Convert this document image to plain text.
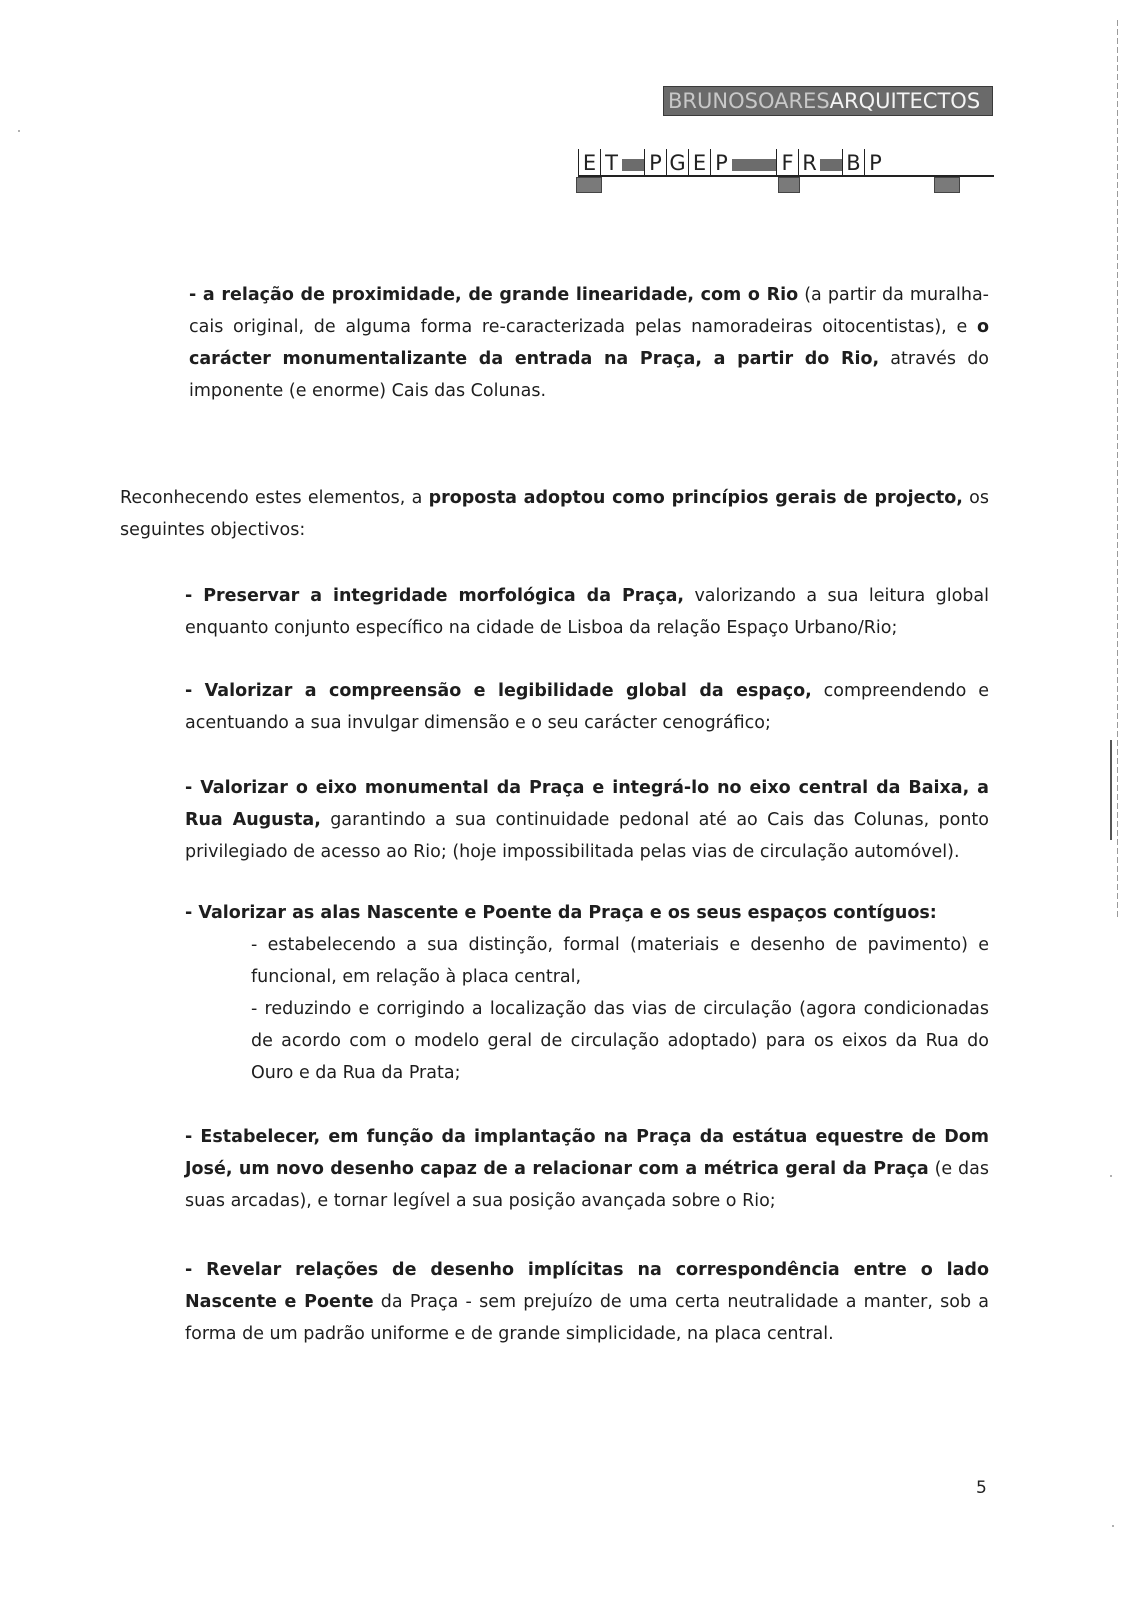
BRUNO SOARES ARQUITECTOS
E T P G E P	F R B P

- a relação de proximidade, de grande linearidade, com o Rio (a partir da muralha-cais original, de alguma forma re-caracterizada pelas namoradeiras oitocentistas), e o carácter monumentalizante da entrada na Praça, a partir do Rio, através do imponente (e enorme) Cais das Colunas.

Reconhecendo estes elementos, a proposta adoptou como princípios gerais de projecto, os seguintes objectivos:

- Preservar a integridade morfológica da Praça, valorizando a sua leitura global enquanto conjunto específico na cidade de Lisboa da relação Espaço Urbano/Rio;

- Valorizar a compreensão e legibilidade global da espaço, compreendendo e acentuando a sua invulgar dimensão e o seu carácter cenográfico;

- Valorizar o eixo monumental da Praça e integrá-lo no eixo central da Baixa, a Rua Augusta, garantindo a sua continuidade pedonal até ao Cais das Colunas, ponto privilegiado de acesso ao Rio; (hoje impossibilitada pelas vias de circulação automóvel).

- Valorizar as alas Nascente e Poente da Praça e os seus espaços contíguos:

- estabelecendo a sua distinção, formal (materiais e desenho de pavimento) e funcional, em relação à placa central,

- reduzindo e corrigindo a localização das vias de circulação (agora condicionadas de acordo com o modelo geral de circulação adoptado) para os eixos da Rua do Ouro e da Rua da Prata;

- Estabelecer, em função da implantação na Praça da estátua equestre de Dom José, um novo desenho capaz de a relacionar com a métrica geral da Praça (e das suas arcadas), e tornar legível a sua posição avançada sobre o Rio;

- Revelar relações de desenho implícitas na correspondência entre o lado Nascente e Poente da Praça - sem prejuízo de uma certa neutralidade a manter, sob a forma de um padrão uniforme e de grande simplicidade, na placa central.

5
